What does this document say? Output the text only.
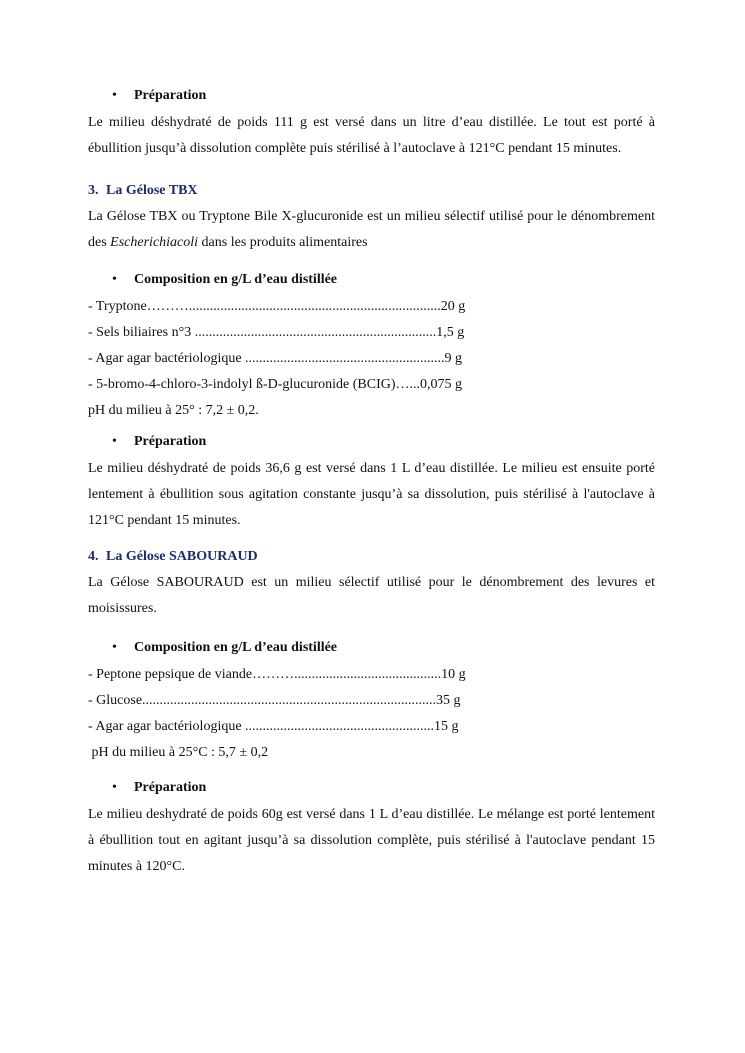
• Préparation

Le milieu déshydraté de poids 111 g est versé dans un litre d’eau distillée. Le tout est porté à ébullition jusqu’à dissolution complète puis stérilisé à l’autoclave à 121°C pendant 15 minutes.

3. La Gélose TBX

La Gélose TBX ou Tryptone Bile X-glucuronide est un milieu sélectif utilisé pour le dénombrement des Escherichiacoli dans les produits alimentaires

• Composition en g/L d’eau distillée

- Tryptone………........................................................................20 g

- Sels biliaires n°3 .....................................................................1,5 g

- Agar agar bactériologique .........................................................9 g

- 5-bromo-4-chloro-3-indolyl ß-D-glucuronide (BCIG)…...0,075 g

pH du milieu à 25° : 7,2 ± 0,2.

• Préparation

Le milieu déshydraté de poids 36,6 g est versé dans 1 L d’eau distillée. Le milieu est ensuite porté lentement à ébullition sous agitation constante jusqu’à sa dissolution, puis stérilisé à l'autoclave à 121°C pendant 15 minutes.

4. La Gélose SABOURAUD

La Gélose SABOURAUD est un milieu sélectif utilisé pour le dénombrement des levures et moisissures.

• Composition en g/L d’eau distillée

- Peptone pepsique de viande………..........................................10 g

- Glucose....................................................................................35 g

- Agar agar bactériologique ......................................................15 g

pH du milieu à 25°C : 5,7 ± 0,2

• Préparation

Le milieu deshydraté de poids 60g est versé dans 1 L d’eau distillée. Le mélange est porté lentement à ébullition tout en agitant jusqu’à sa dissolution complète, puis stérilisé à l'autoclave pendant 15 minutes à 120°C.
